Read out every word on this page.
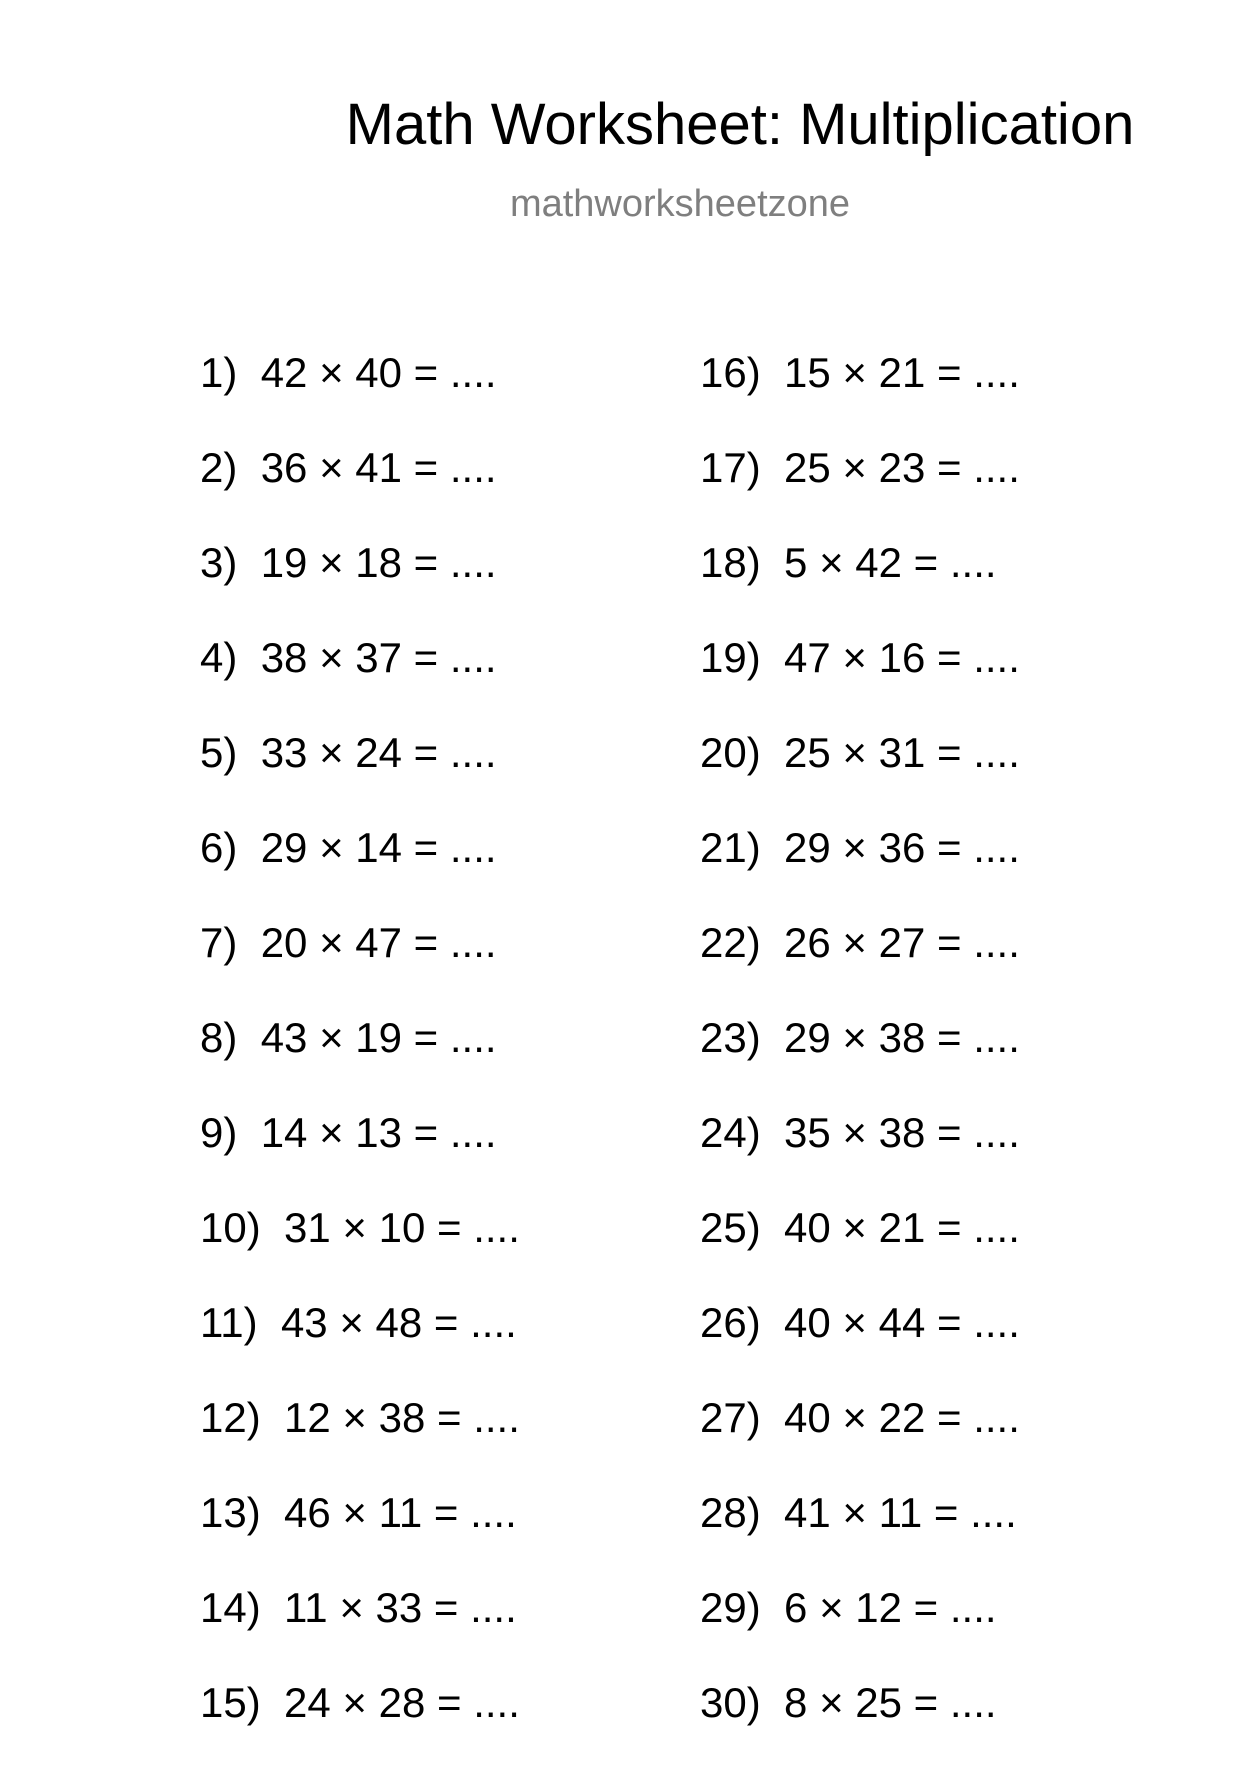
Math Worksheet: Multiplication
mathworksheetzone
1) 42 × 40 = ....
2) 36 × 41 = ....
3) 19 × 18 = ....
4) 38 × 37 = ....
5) 33 × 24 = ....
6) 29 × 14 = ....
7) 20 × 47 = ....
8) 43 × 19 = ....
9) 14 × 13 = ....
10) 31 × 10 = ....
11) 43 × 48 = ....
12) 12 × 38 = ....
13) 46 × 11 = ....
14) 11 × 33 = ....
15) 24 × 28 = ....
16) 15 × 21 = ....
17) 25 × 23 = ....
18) 5 × 42 = ....
19) 47 × 16 = ....
20) 25 × 31 = ....
21) 29 × 36 = ....
22) 26 × 27 = ....
23) 29 × 38 = ....
24) 35 × 38 = ....
25) 40 × 21 = ....
26) 40 × 44 = ....
27) 40 × 22 = ....
28) 41 × 11 = ....
29) 6 × 12 = ....
30) 8 × 25 = ....
